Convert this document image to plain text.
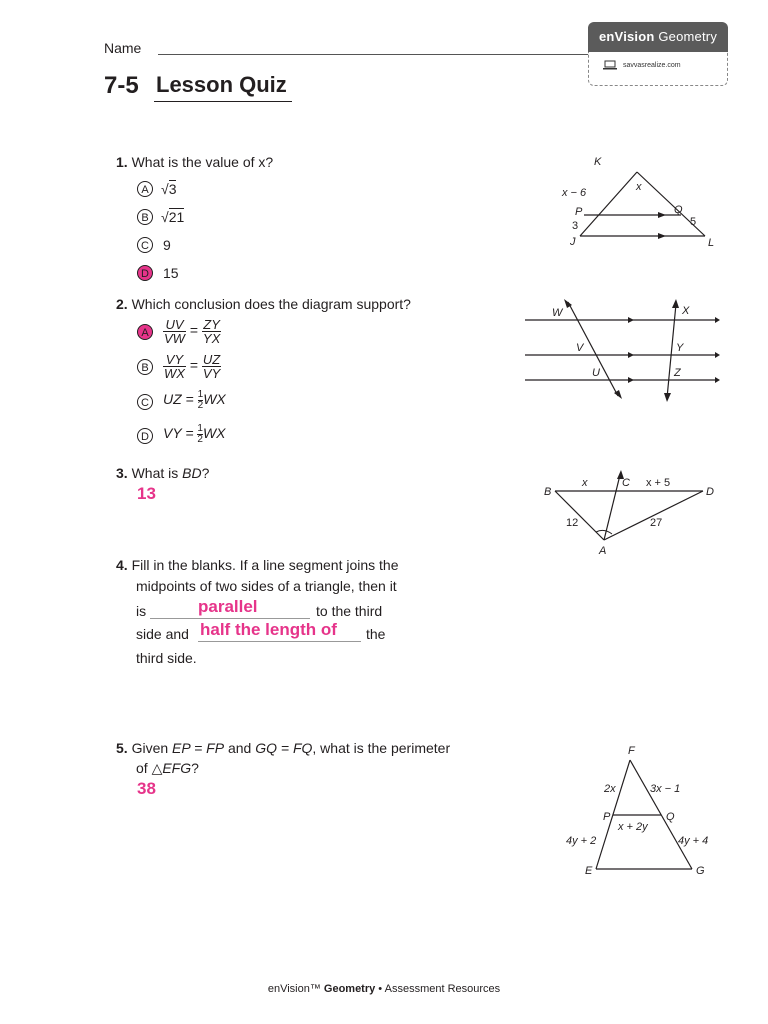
Name
enVision Geometry
savvasrealize.com
7-5 Lesson Quiz
1. What is the value of x?
A √3
B √21
C 9
D 15
K
x − 6	x
P
3
J
Q
5
L
2. Which conclusion does the diagram support?
A	$\frac{UV}{VW} = \frac{ZY}{YX}$
B	$\frac{VY}{WX} = \frac{UZ}{VY}$
C UZ = $\frac{1}{2}WX$
D VY = $\frac{1}{2}WX$
W	X
V	Y
U	Z
3. What is BD?
13	B
x	C x + 5
D
12	27
A
4. Fill in the blanks. If a line segment joins the
midpoints of two sides of a triangle, then it
is	parallel	to the third
side and half the length of the
third side.
5. Given EP = FP and GQ = FQ, what is the perimeter
of △EFG?
38
F
2x	3x − 1
P	Q
x + 2y
4y + 2	4y + 4
E	G
enVision™ Geometry • Assessment Resources
